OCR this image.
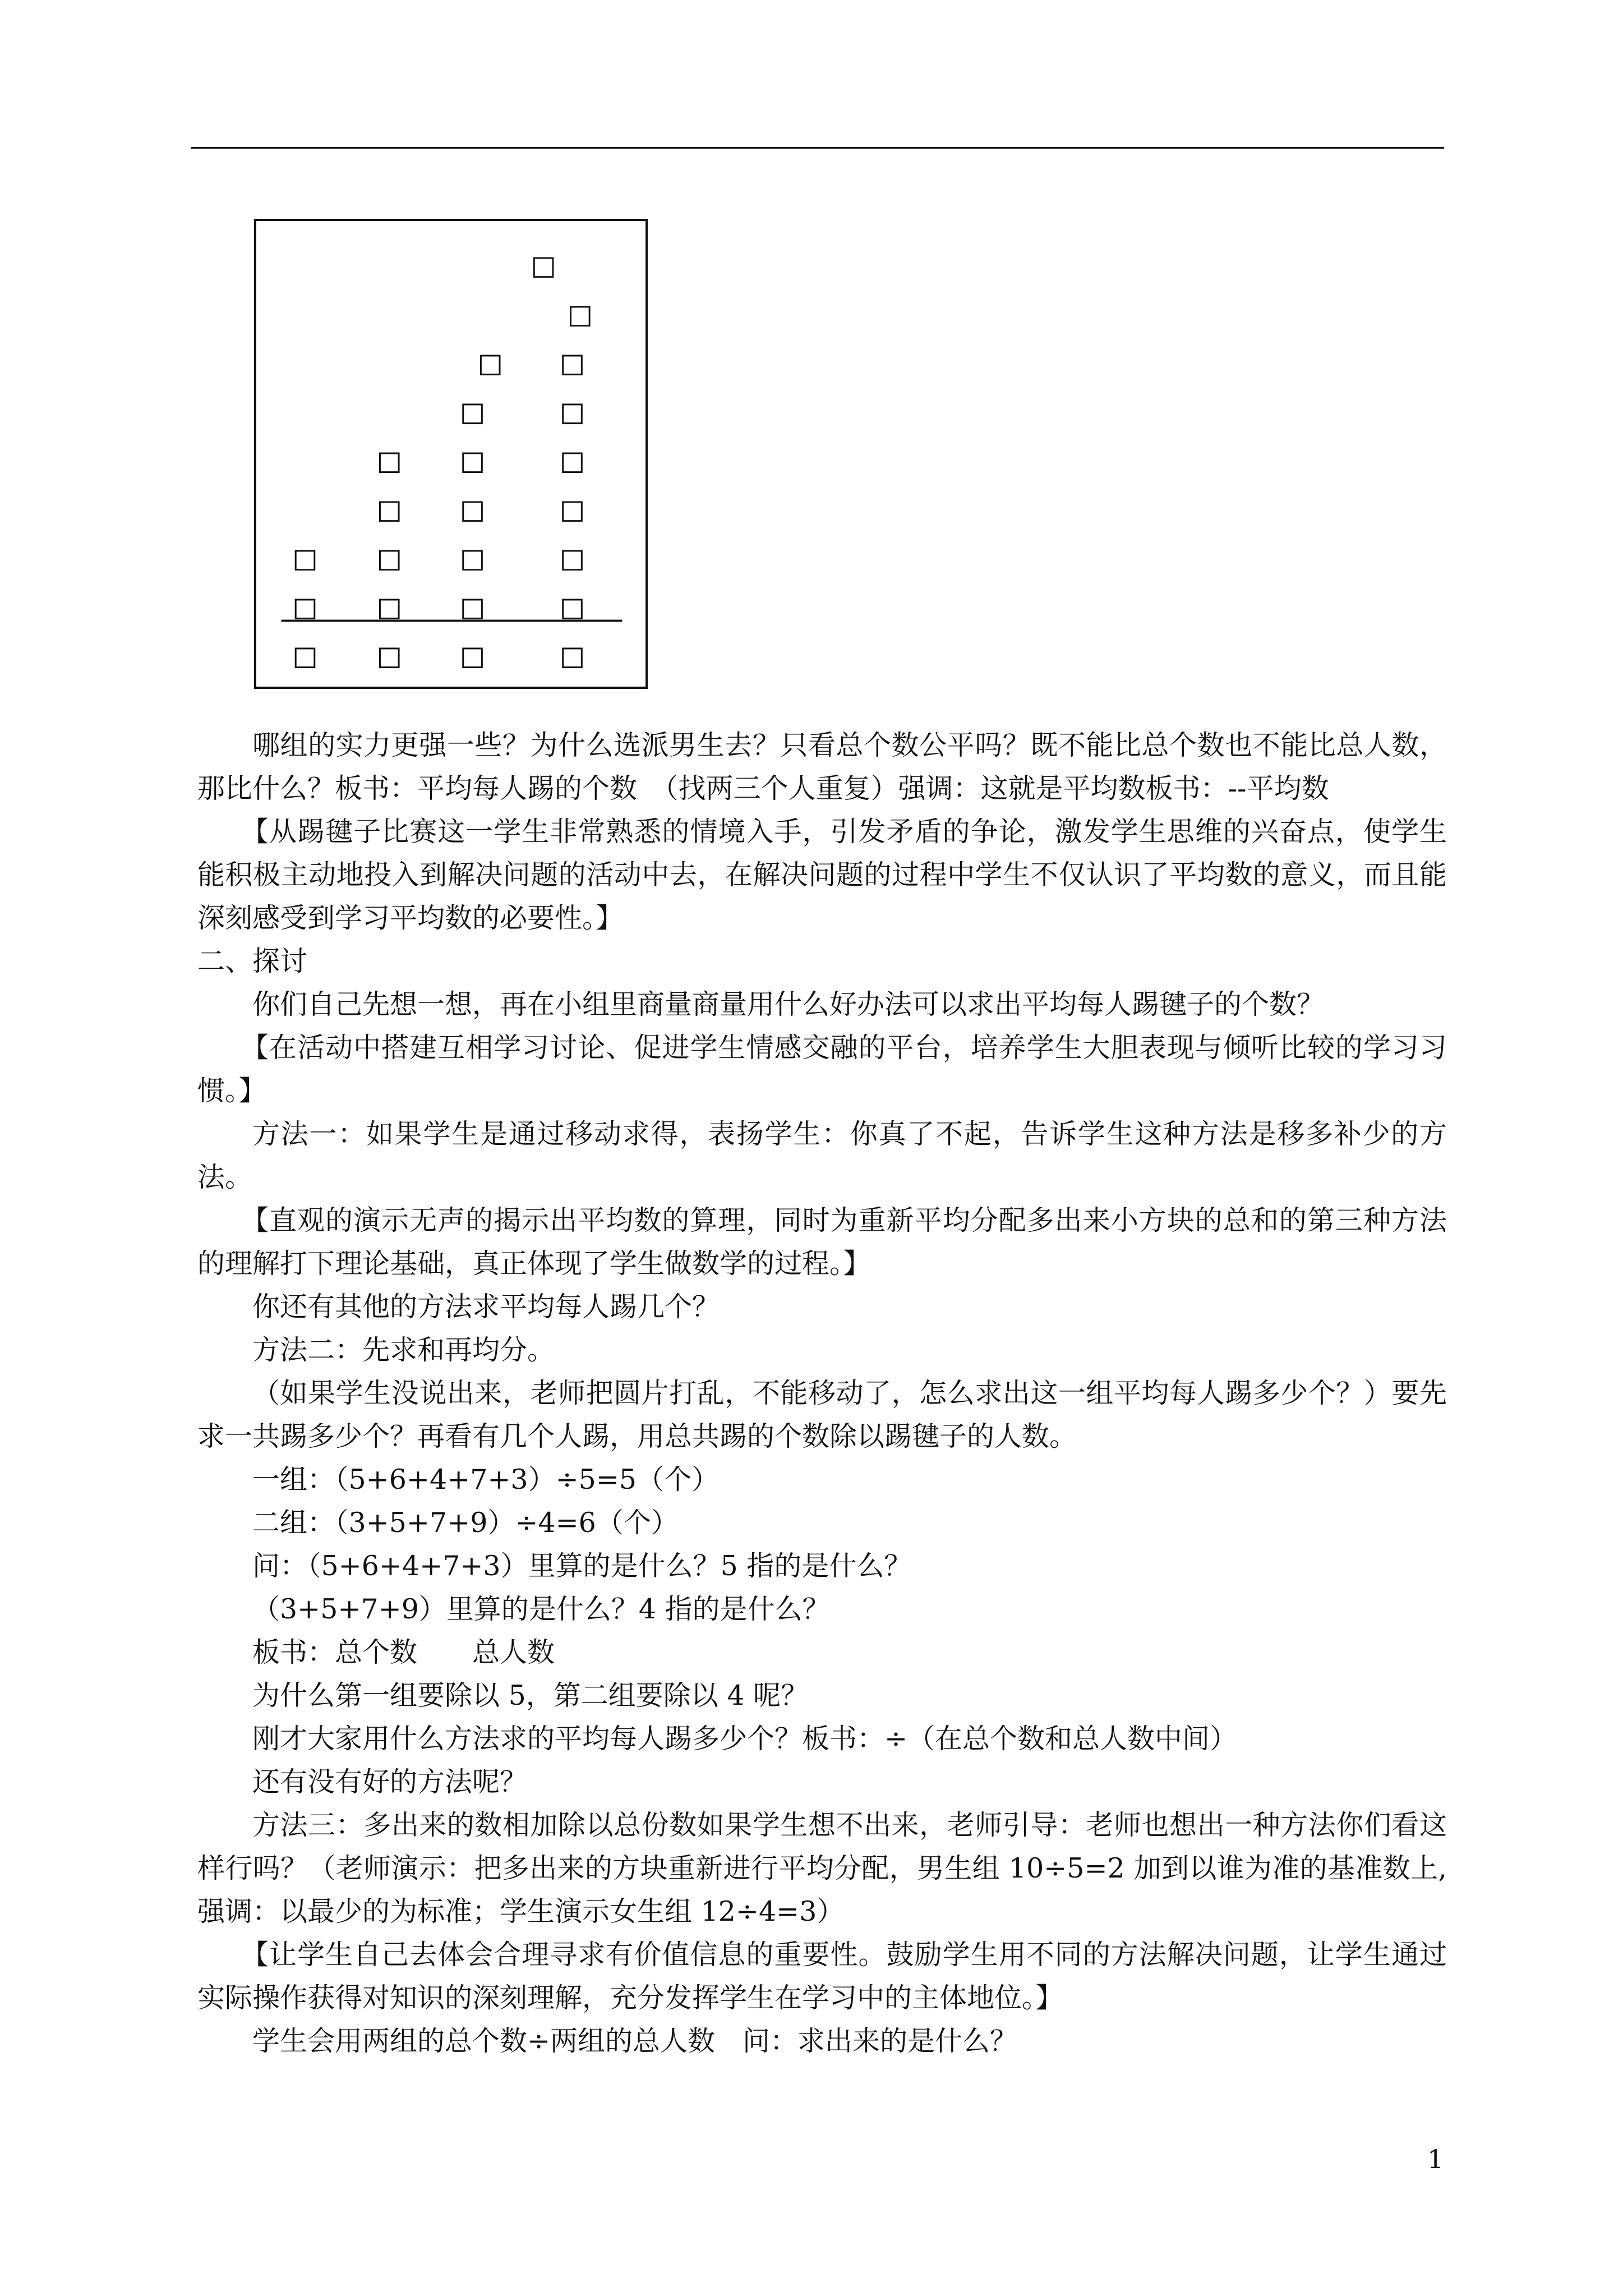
哪组的实力更强一些？为什么选派男生去？只看总个数公平吗？既不能比总个数也不能比总人数，那比什么？板书：平均每人踢的个数　（找两三个人重复）强调：这就是平均数板书：--平均数

【从踢毽子比赛这一学生非常熟悉的情境入手，引发矛盾的争论，激发学生思维的兴奋点，使学生能积极主动地投入到解决问题的活动中去，在解决问题的过程中学生不仅认识了平均数的意义，而且能深刻感受到学习平均数的必要性。】

二、探讨

你们自己先想一想，再在小组里商量商量用什么好办法可以求出平均每人踢毽子的个数？

【在活动中搭建互相学习讨论、促进学生情感交融的平台，培养学生大胆表现与倾听比较的学习习惯。】

方法一：如果学生是通过移动求得，表扬学生：你真了不起，告诉学生这种方法是移多补少的方法。

【直观的演示无声的揭示出平均数的算理，同时为重新平均分配多出来小方块的总和的第三种方法的理解打下理论基础，真正体现了学生做数学的过程。】

你还有其他的方法求平均每人踢几个？

方法二：先求和再均分。

（如果学生没说出来，老师把圆片打乱，不能移动了，怎么求出这一组平均每人踢多少个？）要先求一共踢多少个？再看有几个人踢，用总共踢的个数除以踢毽子的人数。

一组：（5+6+4+7+3）÷5=5（个）

二组：（3+5+7+9）÷4=6（个）

问：（5+6+4+7+3）里算的是什么？5 指的是什么？

（3+5+7+9）里算的是什么？4 指的是什么？

板书：总个数　　总人数

为什么第一组要除以 5，第二组要除以 4 呢？

刚才大家用什么方法求的平均每人踢多少个？板书：÷（在总个数和总人数中间）

还有没有好的方法呢？

方法三：多出来的数相加除以总份数如果学生想不出来，老师引导：老师也想出一种方法你们看这样行吗？（老师演示：把多出来的方块重新进行平均分配，男生组 10÷5=2 加到以谁为准的基准数上,强调：以最少的为标准；学生演示女生组 12÷4=3）

【让学生自己去体会合理寻求有价值信息的重要性。鼓励学生用不同的方法解决问题，让学生通过实际操作获得对知识的深刻理解，充分发挥学生在学习中的主体地位。】

学生会用两组的总个数÷两组的总人数　问：求出来的是什么？

1
